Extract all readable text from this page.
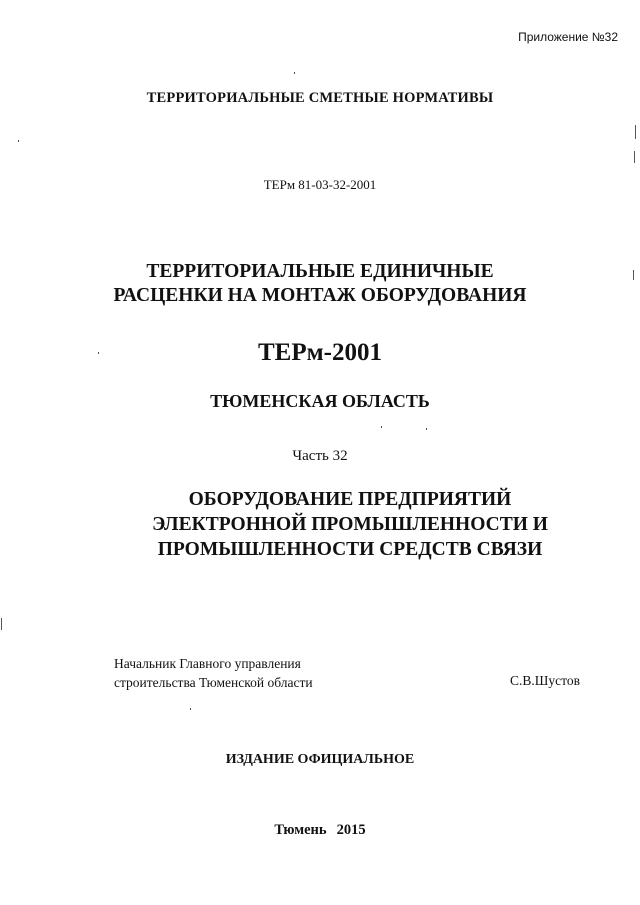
Приложение №32
ТЕРРИТОРИАЛЬНЫЕ СМЕТНЫЕ НОРМАТИВЫ
ТЕРм 81-03-32-2001
ТЕРРИТОРИАЛЬНЫЕ ЕДИНИЧНЫЕ
РАСЦЕНКИ НА МОНТАЖ ОБОРУДОВАНИЯ
ТЕРм-2001
ТЮМЕНСКАЯ ОБЛАСТЬ
Часть 32
ОБОРУДОВАНИЕ ПРЕДПРИЯТИЙ
ЭЛЕКТРОННОЙ ПРОМЫШЛЕННОСТИ И
ПРОМЫШЛЕННОСТИ СРЕДСТВ СВЯЗИ
Начальник Главного управления
строительства Тюменской области	С.В.Шустов
ИЗДАНИЕ ОФИЦИАЛЬНОЕ
Тюмень 2015
